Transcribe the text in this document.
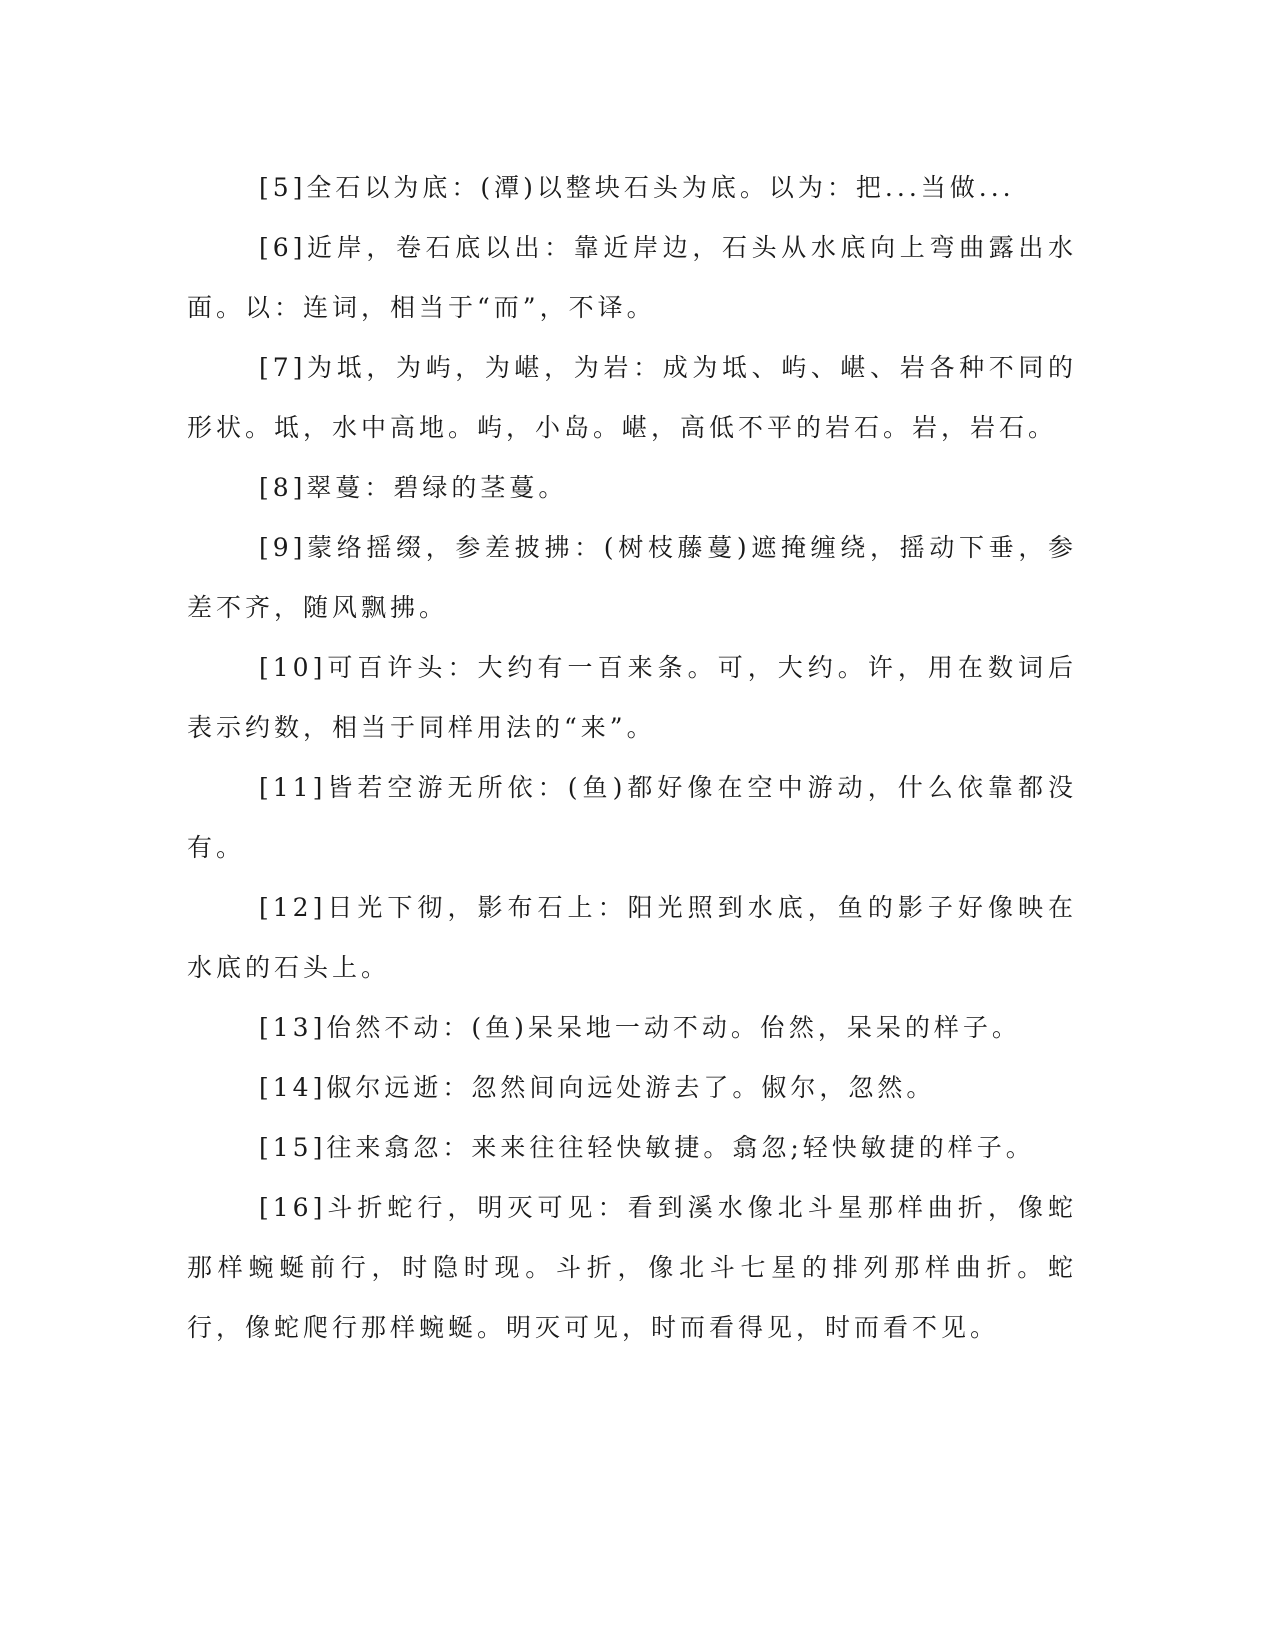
[5]全石以为底：(潭)以整块石头为底。以为：把...当做...

[6]近岸，卷石底以出：靠近岸边，石头从水底向上弯曲露出水面。以：连词，相当于“而”，不译。

[7]为坻，为屿，为嵁，为岩：成为坻、屿、嵁、岩各种不同的形状。坻，水中高地。屿，小岛。嵁，高低不平的岩石。岩，岩石。

[8]翠蔓：碧绿的茎蔓。

[9]蒙络摇缀，参差披拂：(树枝藤蔓)遮掩缠绕，摇动下垂，参差不齐，随风飘拂。

[10]可百许头：大约有一百来条。可，大约。许，用在数词后表示约数，相当于同样用法的“来”。

[11]皆若空游无所依：(鱼)都好像在空中游动，什么依靠都没有。

[12]日光下彻，影布石上：阳光照到水底，鱼的影子好像映在水底的石头上。

[13]佁然不动：(鱼)呆呆地一动不动。佁然，呆呆的样子。

[14]俶尔远逝：忽然间向远处游去了。俶尔，忽然。

[15]往来翕忽：来来往往轻快敏捷。翕忽;轻快敏捷的样子。

[16]斗折蛇行，明灭可见：看到溪水像北斗星那样曲折，像蛇那样蜿蜒前行，时隐时现。斗折，像北斗七星的排列那样曲折。蛇行，像蛇爬行那样蜿蜒。明灭可见，时而看得见，时而看不见。
